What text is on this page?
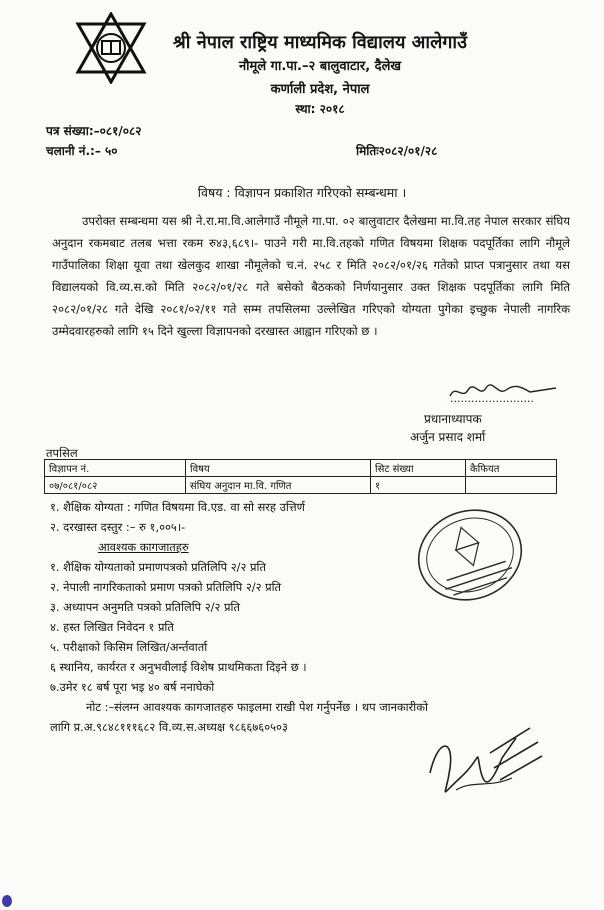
श्री नेपाल राष्ट्रिय माध्यमिक विद्यालय आलेगाउँ
नौमूले गा.पा.–२ बालुवाटार, दैलेख
कर्णाली प्रदेश, नेपाल
स्था: २०१८
पत्र संख्या:–०८१/०८२
चलानी नं.:– ५०	मितिः२०८२/०१/२८
विषय : विज्ञापन प्रकाशित गरिएको सम्बन्धमा ।

उपरोक्त सम्बन्धमा यस श्री ने.रा.मा.वि.आलेगाउँ नौमूले गा.पा. ०२ बालुवाटार दैलेखमा मा.वि.तह नेपाल सरकार संघिय अनुदान रकमबाट तलब भत्ता रकम रु४३,६८९।- पाउने गरी मा.वि.तहको गणित विषयमा शिक्षक पदपूर्तिका लागि नौमूले गाउँपालिका शिक्षा यूवा तथा खेलकुद शाखा नौमूलेको च.नं. २५८ र मिति २०८२/०१/२६ गतेको प्राप्त पत्रानुसार तथा यस विद्यालयको वि.व्य.स.को मिति २०८२/०१/२८ गते बसेको बैठकको निर्णयानुसार उक्त शिक्षक पदपूर्तिका लागि मिति २०८२/०१/२८ गते देखि २०८१/०२/११ गते सम्म तपसिलमा उल्लेखित गरिएको योग्यता पुगेका इच्छुक नेपाली नागरिक उम्मेदवारहरुको लागि १५ दिने खुल्ला विज्ञापनको दरखास्त आह्वान गरिएको छ ।

........................
प्रधानाध्यापक
अर्जुन प्रसाद शर्मा
तपसिल
विज्ञापन नं.	विषय	सिट संख्या	कैफियत
०७/०८१/०८२	संघिय अनुदान मा.वि. गणित	१	
१. शैक्षिक योग्यता : गणित विषयमा वि.एड. वा सो सरह उत्तिर्ण
२. दरखास्त दस्तुर :– रु १,००५।-
आवश्यक कागजातहरु
१. शैक्षिक योग्यताको प्रमाणपत्रको प्रतिलिपि २/२ प्रति
२. नेपाली नागरिकताको प्रमाण पत्रको प्रतिलिपि २/२ प्रति
३. अध्यापन अनुमति पत्रको प्रतिलिपि २/२ प्रति
४. हस्त लिखित निवेदन १ प्रति
५. परीक्षाको किसिम लिखित/अर्न्तवार्ता
६ स्थानिय, कार्यरत र अनुभवीलाई विशेष प्राथमिकता दिइने छ ।
७.उमेर १८ बर्ष पूरा भइ ४० बर्ष ननाघेको
नोट :–संलग्न आवश्यक कागजातहरु फाइलमा राखी पेश गर्नुपर्नेछ । थप जानकारीको
लागि प्र.अ.९८४८१११६८२ वि.व्य.स.अध्यक्ष ९८६६७६०५०३
